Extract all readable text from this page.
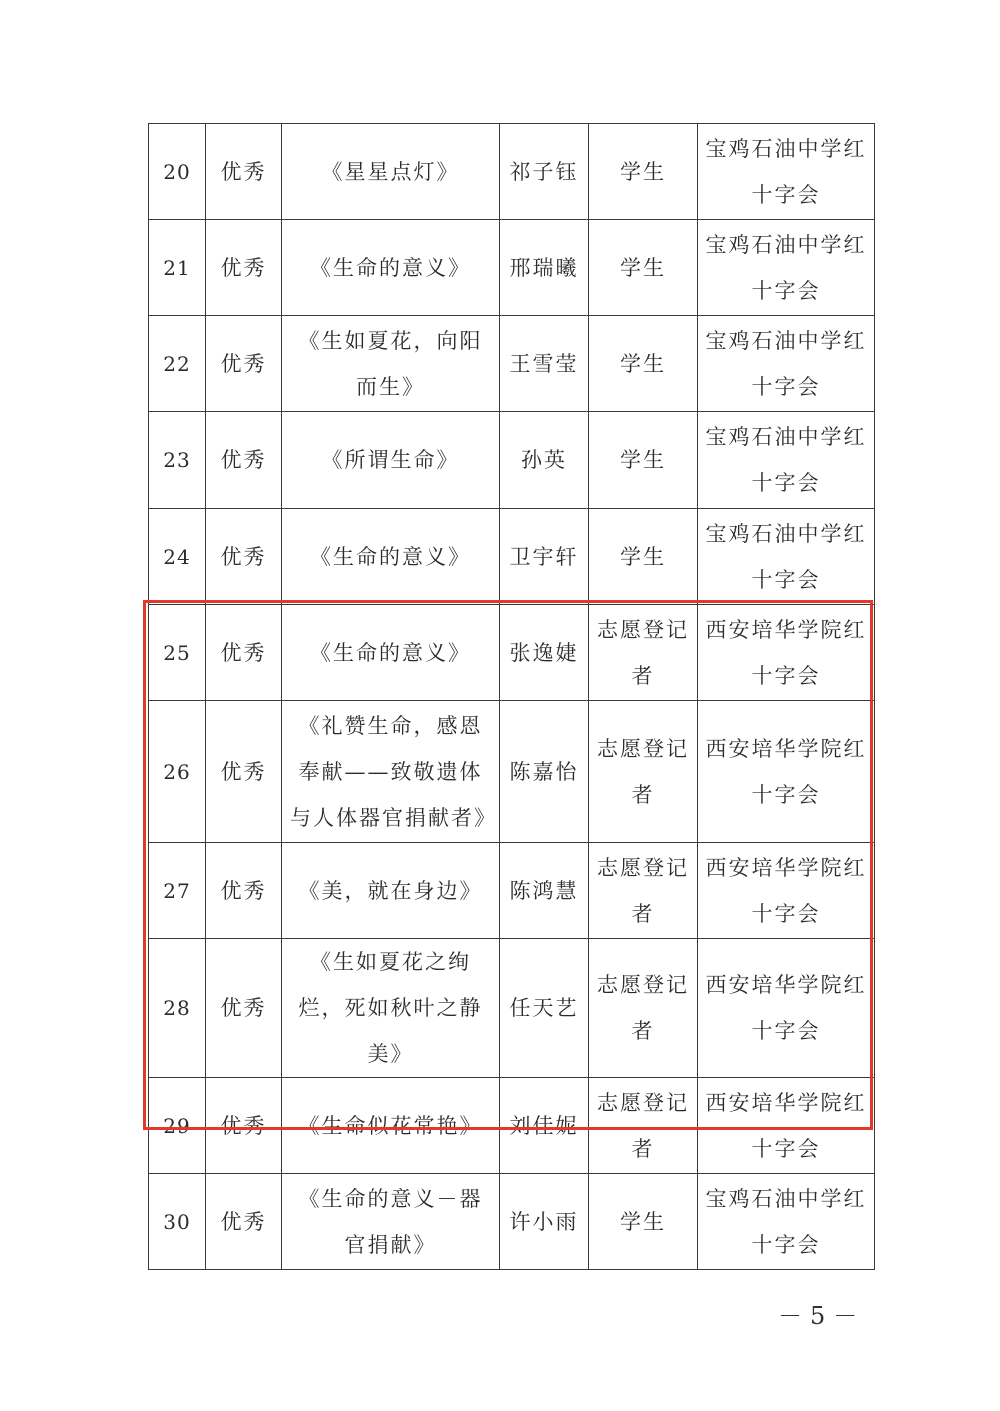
20	优秀	《星星点灯》	祁子钰	学生	宝鸡石油中学红十字会
21	优秀	《生命的意义》	邢瑞曦	学生	宝鸡石油中学红十字会
22	优秀	《生如夏花，向阳而生》	王雪莹	学生	宝鸡石油中学红十字会
23	优秀	《所谓生命》	孙英	学生	宝鸡石油中学红十字会
24	优秀	《生命的意义》	卫宇轩	学生	宝鸡石油中学红十字会
25	优秀	《生命的意义》	张逸婕	志愿登记者	西安培华学院红十字会
26	优秀	《礼赞生命，感恩奉献——致敬遗体与人体器官捐献者》	陈嘉怡	志愿登记者	西安培华学院红十字会
27	优秀	《美，就在身边》	陈鸿慧	志愿登记者	西安培华学院红十字会
28	优秀	《生如夏花之绚烂，死如秋叶之静美》	任天艺	志愿登记者	西安培华学院红十字会
29	优秀	《生命似花常艳》	刘佳妮	志愿登记者	西安培华学院红十字会
30	优秀	《生命的意义－器官捐献》	许小雨	学生	宝鸡石油中学红十字会
－5－
